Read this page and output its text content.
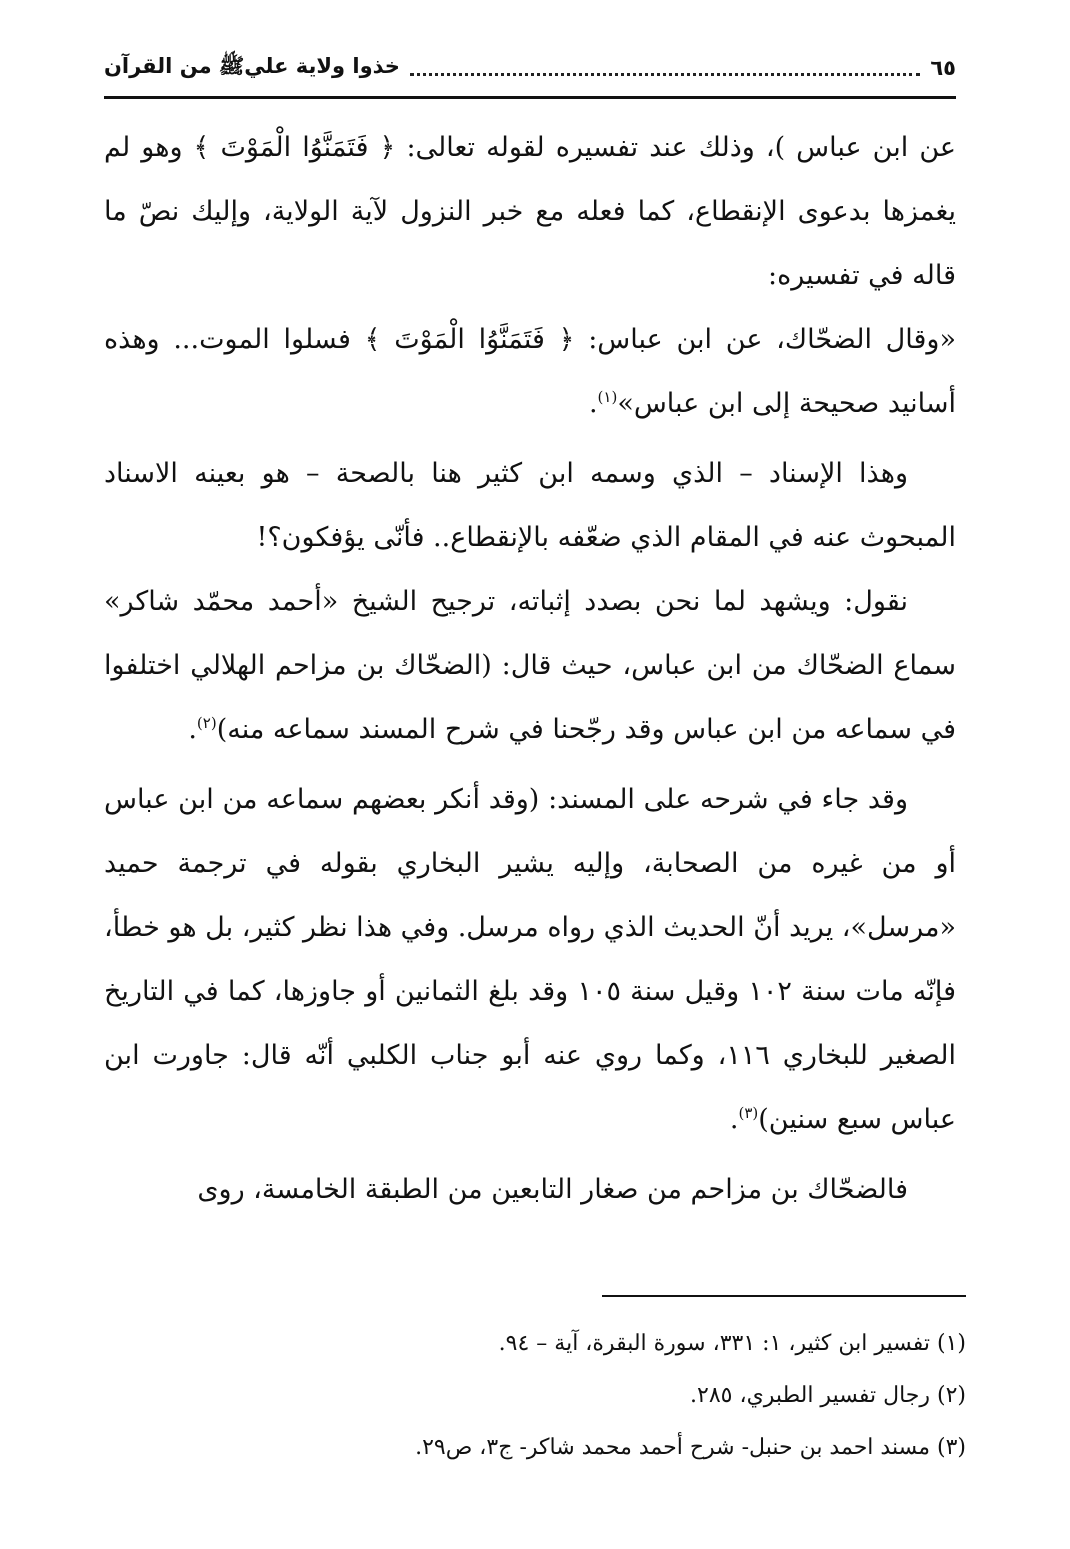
٦٥
خذوا ولاية عليﷺ من القرآن

عن ابن عباس )، وذلك عند تفسيره لقوله تعالى: ﴿ فَتَمَنَّوُا الْمَوْتَ ﴾ وهو لم يغمزها بدعوى الإنقطاع، كما فعله مع خبر النزول لآية الولاية، وإليك نصّ ما قاله في تفسيره:

«وقال الضحّاك، عن ابن عباس: ﴿ فَتَمَنَّوُا الْمَوْتَ ﴾ فسلوا الموت... وهذه أسانيد صحيحة إلى ابن عباس»$^{(١)}$.

وهذا الإسناد – الذي وسمه ابن كثير هنا بالصحة – هو بعينه الاسناد المبحوث عنه في المقام الذي ضعّفه بالإنقطاع.. فأنّى يؤفكون؟!

نقول: ويشهد لما نحن بصدد إثباته، ترجيح الشيخ «أحمد محمّد شاكر» سماع الضحّاك من ابن عباس، حيث قال: (الضحّاك بن مزاحم الهلالي اختلفوا في سماعه من ابن عباس وقد رجّحنا في شرح المسند سماعه منه)$^{(٢)}$.

وقد جاء في شرحه على المسند: (وقد أنكر بعضهم سماعه من ابن عباس أو من غيره من الصحابة، وإليه يشير البخاري بقوله في ترجمة حميد «مرسل»، يريد أنّ الحديث الذي رواه مرسل. وفي هذا نظر كثير، بل هو خطأ، فإنّه مات سنة ١٠٢ وقيل سنة ١٠٥ وقد بلغ الثمانين أو جاوزها، كما في التاريخ الصغير للبخاري ١١٦، وكما روي عنه أبو جناب الكلبي أنّه قال: جاورت ابن عباس سبع سنين)$^{(٣)}$.

فالضحّاك بن مزاحم من صغار التابعين من الطبقة الخامسة، روى

(١) تفسير ابن كثير، ١: ٣٣١، سورة البقرة، آية – ٩٤.
(٢) رجال تفسير الطبري، ٢٨٥.
(٣) مسند احمد بن حنبل- شرح أحمد محمد شاكر- ج٣، ص٢٩.
